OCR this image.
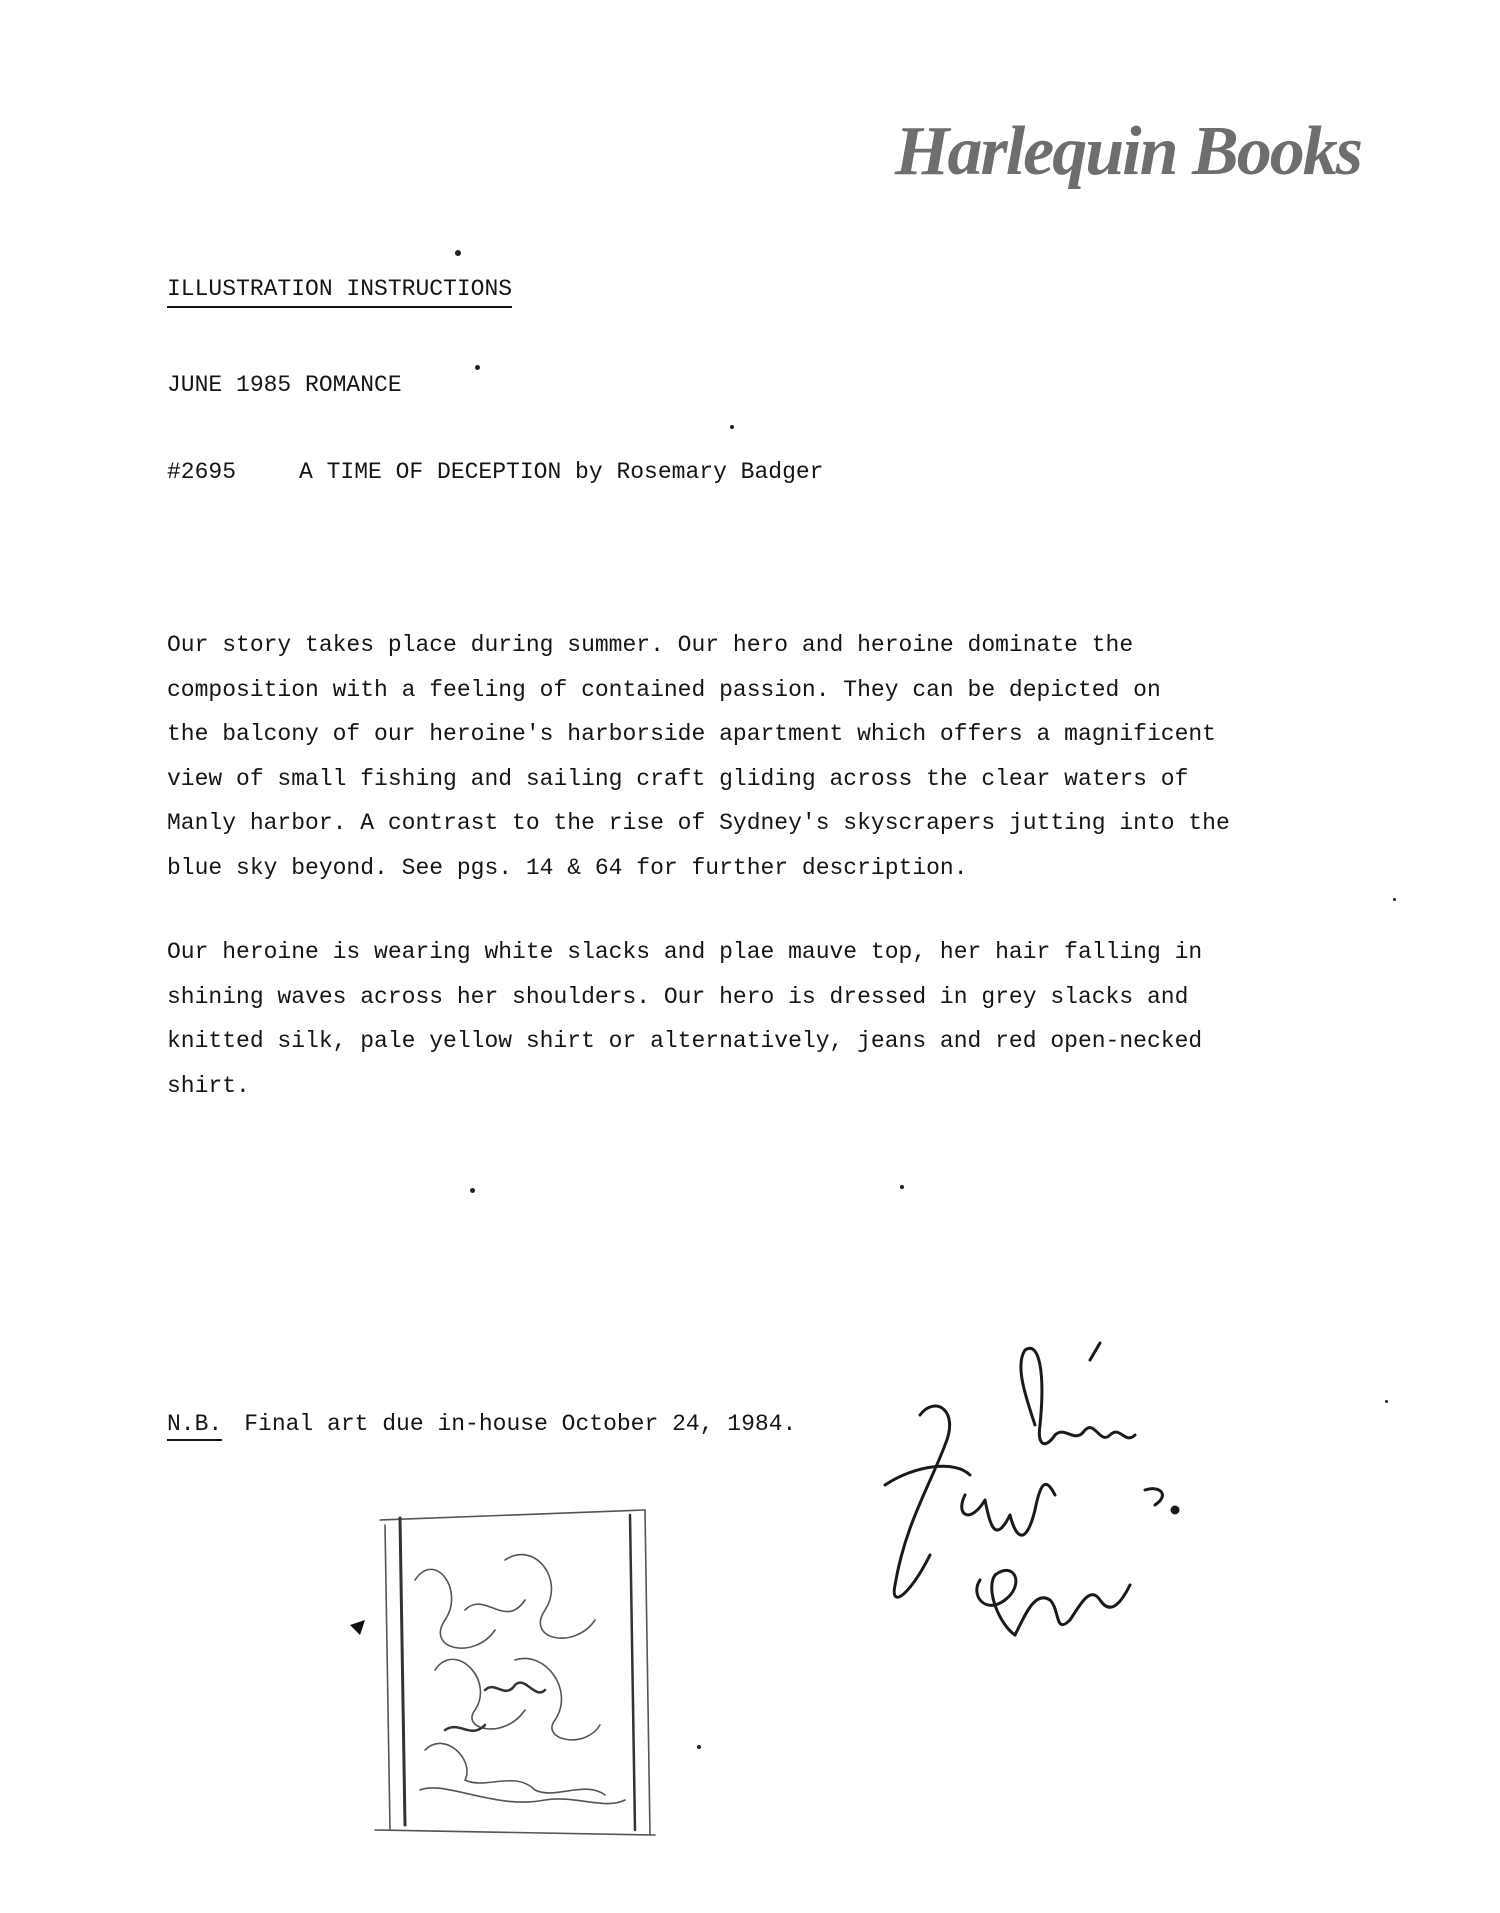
Harlequin Books
ILLUSTRATION INSTRUCTIONS
JUNE 1985 ROMANCE
#2695	A TIME OF DECEPTION by Rosemary Badger
Our story takes place during summer. Our hero and heroine dominate the
composition with a feeling of contained passion. They can be depicted on
the balcony of our heroine's harborside apartment which offers a magnificent
view of small fishing and sailing craft gliding across the clear waters of
Manly harbor. A contrast to the rise of Sydney's skyscrapers jutting into the
blue sky beyond. See pgs. 14 & 64 for further description.
Our heroine is wearing white slacks and plae mauve top, her hair falling in
shining waves across her shoulders. Our hero is dressed in grey slacks and
knitted silk, pale yellow shirt or alternatively, jeans and red open-necked
shirt.
N.B. Final art due in-house October 24, 1984.
